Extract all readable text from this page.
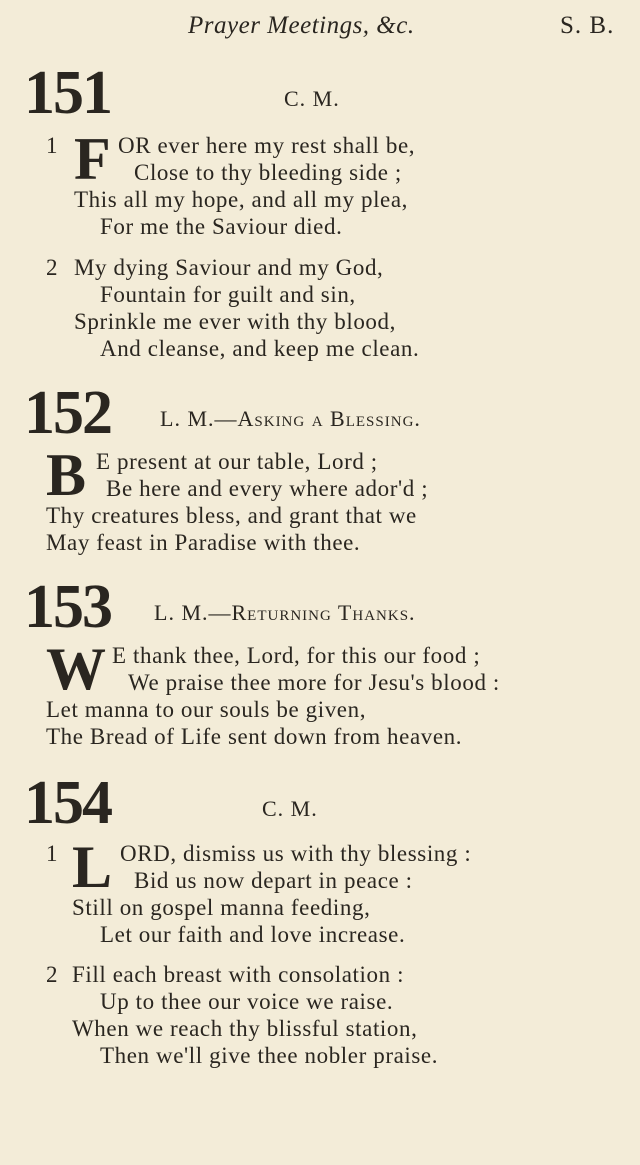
Prayer Meetings, &c.	S. B.
151	C. M.
1 F OR ever here my rest shall be,
Close to thy bleeding side ;
This all my hope, and all my plea,
For me the Saviour died.
2 My dying Saviour and my God,
Fountain for guilt and sin,
Sprinkle me ever with thy blood,
And cleanse, and keep me clean.
152 L. M.—Asking a Blessing.
B E present at our table, Lord ;
Be here and every where ador'd ;
Thy creatures bless, and grant that we
May feast in Paradise with thee.
153 L. M.—Returning Thanks.
W E thank thee, Lord, for this our food ;
We praise thee more for Jesu's blood :
Let manna to our souls be given,
The Bread of Life sent down from heaven.
154	C. M.
1 L ORD, dismiss us with thy blessing :
Bid us now depart in peace :
Still on gospel manna feeding,
Let our faith and love increase.
2 Fill each breast with consolation :
Up to thee our voice we raise.
When we reach thy blissful station,
Then we'll give thee nobler praise.
